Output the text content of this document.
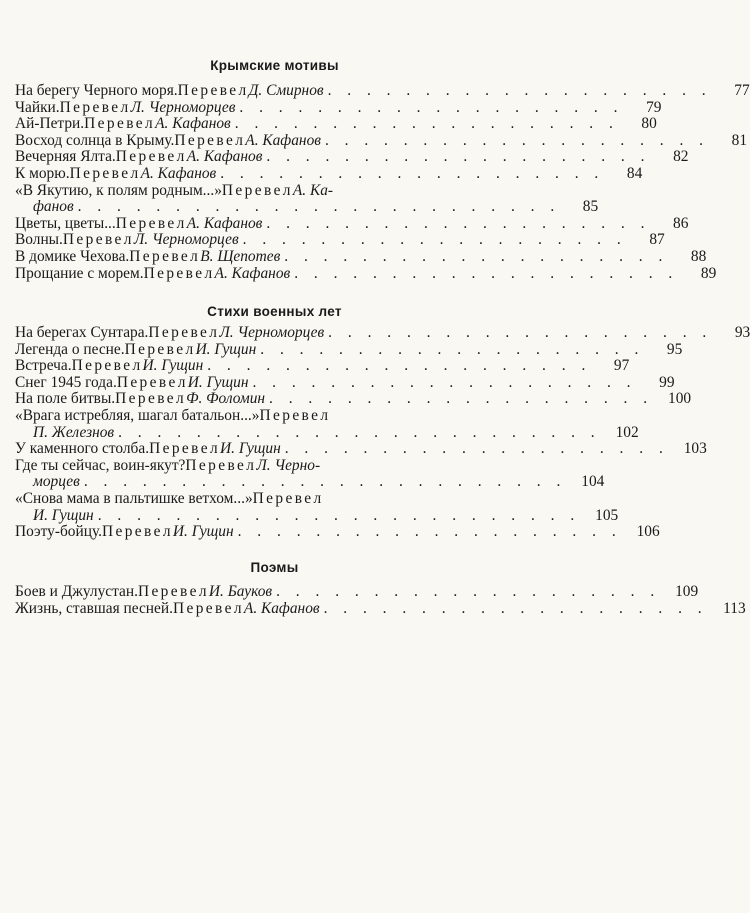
Крымские мотивы
На берегу Черного моря. Перевел Д. Смирнов . . . . . . . . . . . . . . . . . . . .	77
Чайки. Перевел Л. Черноморцев . . . . . . . . . . . . . . . . . . . .	79
Ай-Петри. Перевел А. Кафанов . . . . . . . . . . . . . . . . . . . .	80
Восход солнца в Крыму. Перевел А. Кафанов . . . . . . . . . . . . . . . . . . . .	81
Вечерняя Ялта. Перевел А. Кафанов . . . . . . . . . . . . . . . . . . . .	82
К морю. Перевел А. Кафанов . . . . . . . . . . . . . . . . . . . .	84
«В Якутию, к полям родным...» Перевел А. Ка-
фанов . . . . . . . . . . . . . . . . . . . . . . . . .	85
Цветы, цветы... Перевел А. Кафанов . . . . . . . . . . . . . . . . . . . .	86
Волны. Перевел Л. Черноморцев . . . . . . . . . . . . . . . . . . . .	87
В домике Чехова. Перевел В. Щепотев . . . . . . . . . . . . . . . . . . . .	88
Прощание с морем. Перевел А. Кафанов . . . . . . . . . . . . . . . . . . . .	89
Стихи военных лет
На берегах Сунтара. Перевел Л. Черноморцев . . . . . . . . . . . . . . . . . . . .	93
Легенда о песне. Перевел И. Гущин . . . . . . . . . . . . . . . . . . . .	95
Встреча. Перевел И. Гущин . . . . . . . . . . . . . . . . . . . .	97
Снег 1945 года. Перевел И. Гущин . . . . . . . . . . . . . . . . . . . .	99
На поле битвы. Перевел Ф. Фоломин . . . . . . . . . . . . . . . . . . . . 100
«Врага истребляя, шагал батальон...» Перевел
П. Железнов . . . . . . . . . . . . . . . . . . . . . . . . . 102
У каменного столба. Перевел И. Гущин . . . . . . . . . . . . . . . . . . . . 103
Где ты сейчас, воин-якут? Перевел Л. Черно-
морцев . . . . . . . . . . . . . . . . . . . . . . . . . 104
«Снова мама в пальтишке ветхом...» Перевел
И. Гущин . . . . . . . . . . . . . . . . . . . . . . . . . 105
Поэту-бойцу. Перевел И. Гущин . . . . . . . . . . . . . . . . . . . . 106
Поэмы
Боев и Джулустан. Перевел И. Бауков . . . . . . . . . . . . . . . . . . . . 109
Жизнь, ставшая песней. Перевел А. Кафанов . . . . . . . . . . . . . . . . . . . .	113
